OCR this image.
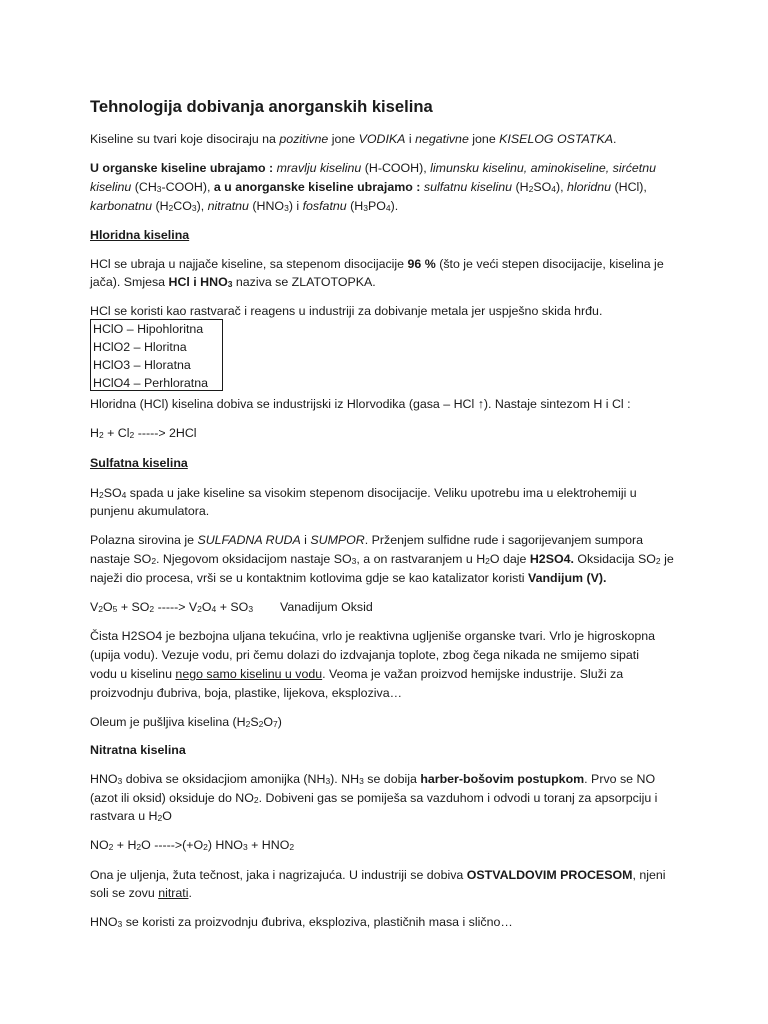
Tehnologija dobivanja anorganskih kiselina
Kiseline su tvari koje disociraju na pozitivne jone VODIKA i negativne jone KISELOG OSTATKA.
U organske kiseline ubrajamo : mravlju kiselinu (H-COOH), limunsku kiselinu, aminokiseline, sirćetnu
kiselinu $(CH_3-COOH)$, a u anorganske kiseline ubrajamo : sulfatnu kiselinu $(H_2SO_4)$, hloridnu (HCl),
karbonatnu $(H_2CO_3)$, nitratnu $(HNO_3)$ i fosfatnu $(H_3PO_4)$.
Hloridna kiselina
HCl se ubraja u najjače kiseline, sa stepenom disocijacije 96 % (što je veći stepen disocijacije, kiselina je
jača). Smjesa HCl i $HNO_3$ naziva se ZLATOTOPKA.
HCl se koristi kao rastvarač i reagens u industriji za dobivanje metala jer uspješno skida hrđu.
HClO – Hipohloritna
HClO2 – Hloritna
HClO3 – Hloratna
HClO4 – Perhloratna
Hloridna (HCl) kiselina dobiva se industrijski iz Hlorvodika (gasa – HCl ↑). Nastaje sintezom H i Cl :
$H_2 + Cl_2$ -----> 2HCl
Sulfatna kiselina
$H_2SO_4$ spada u jake kiseline sa visokim stepenom disocijacije. Veliku upotrebu ima u elektrohemiji u
punjenu akumulatora.
Polazna sirovina je SULFADNA RUDA i SUMPOR. Prženjem sulfidne rude i sagorijevanjem sumpora
nastaje $SO_2$. Njegovom oksidacijom nastaje $SO_3$, a on rastvaranjem u $H_2O$ daje H2SO4. Oksidacija $SO_2$ je
naježi dio procesa, vrši se u kontaktnim kotlovima gdje se kao katalizator koristi Vandijum (V).
$V_2O_5 + SO_2$ -----> $V_2O_4 + SO_3$ Vanadijum Oksid
Čista H2SO4 je bezbojna uljana tekućina, vrlo je reaktivna ugljeniše organske tvari. Vrlo je higroskopna
(upija vodu). Vezuje vodu, pri čemu dolazi do izdvajanja toplote, zbog čega nikada ne smijemo sipati
vodu u kiselinu nego samo kiselinu u vodu. Veoma je važan proizvod hemijske industrije. Služi za
proizvodnju đubriva, boja, plastike, lijekova, eksploziva…
Oleum je pušljiva kiselina $(H_2S_2O_7)$
Nitratna kiselina
$HNO_3$ dobiva se oksidacjiom amonijka $(NH_3)$. $NH_3$ se dobija harber-bošovim postupkom. Prvo se NO
(azot ili oksid) oksiduje do $NO_2$. Dobiveni gas se pomiješa sa vazduhom i odvodi u toranj za apsorpciju i
rastvara u $H_2O$
$NO_2 + H_2O$ $----->(+O_2) HNO_3 + HNO_2$
Ona je uljenja, žuta tečnost, jaka i nagrizajuća. U industriji se dobiva OSTVALDOVIM PROCESOM, njeni
soli se zovu nitrati.
$HNO_3$ se koristi za proizvodnju đubriva, eksploziva, plastičnih masa i slično…
